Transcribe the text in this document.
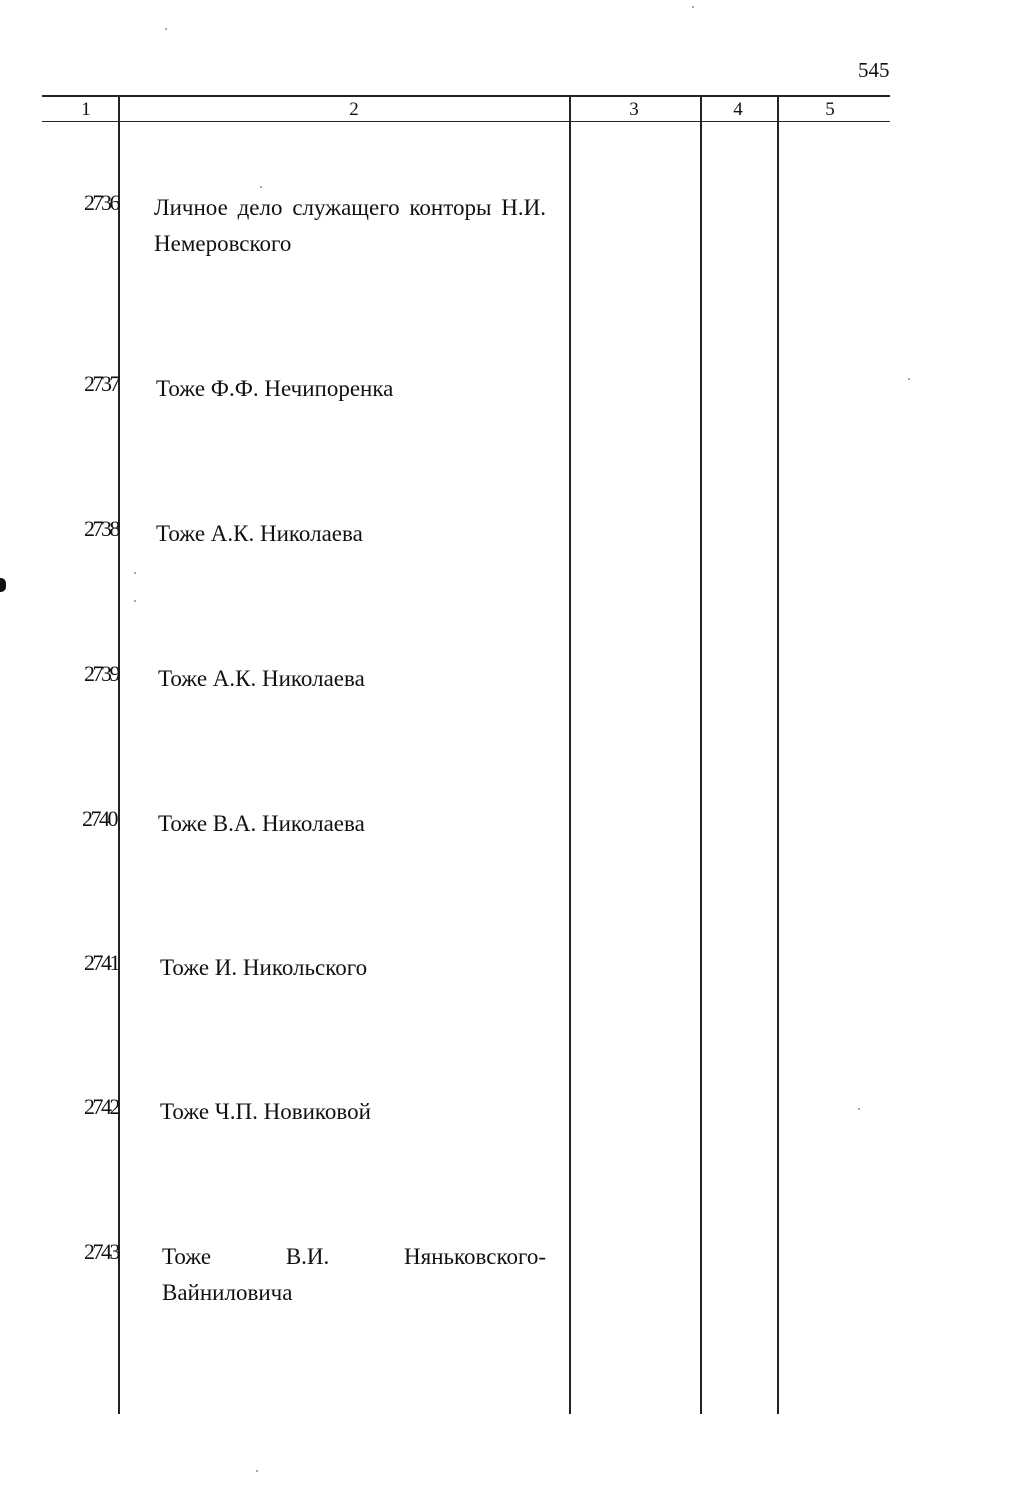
545
1	2	3	4	5
2736 Личное дело служащего конторы Н.И. Немеровского
2737 Тоже Ф.Ф. Нечипоренка
2738 Тоже А.К. Николаева
2739 Тоже А.К. Николаева
2740 Тоже В.А. Николаева
2741 Тоже И. Никольского
2742 Тоже Ч.П. Новиковой
2743 Тоже В.И. Няньковского-Вайниловича
